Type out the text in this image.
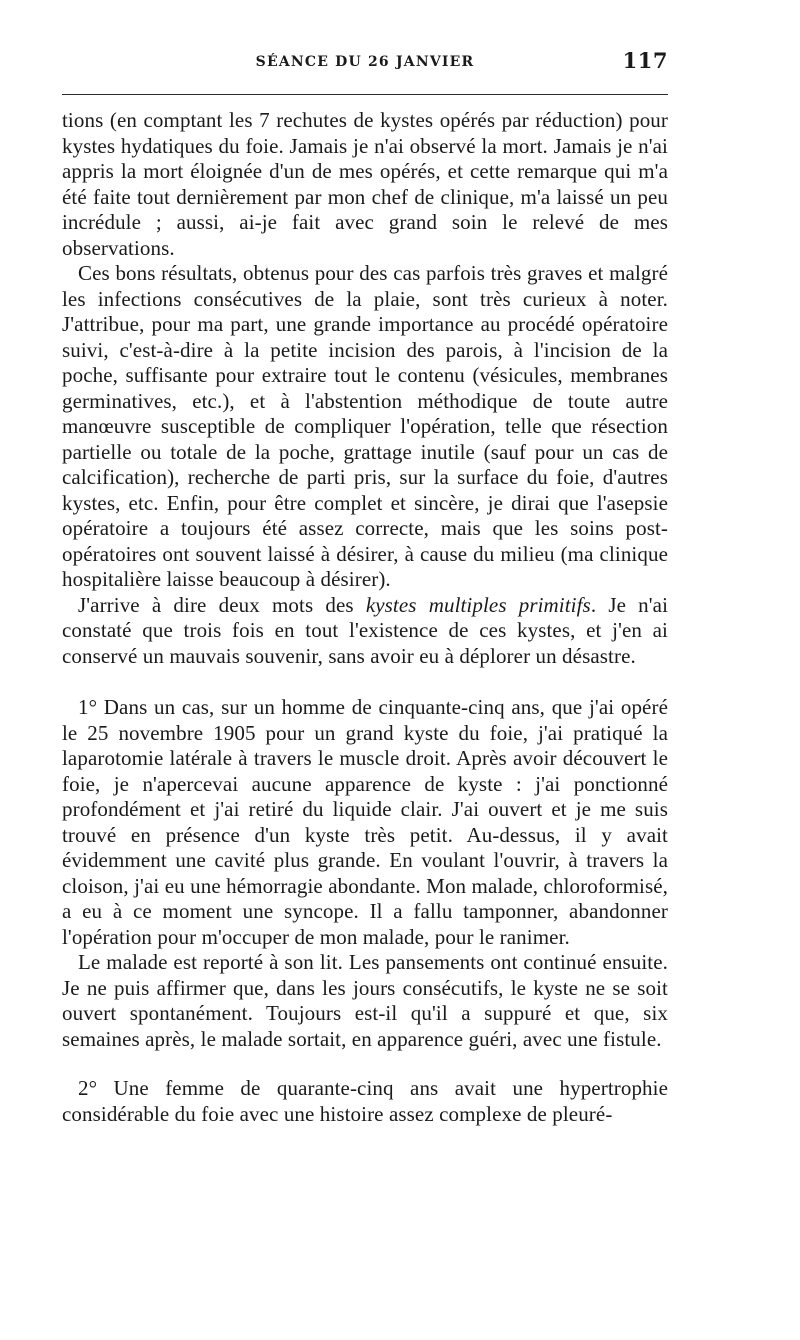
SÉANCE DU 26 JANVIER	117

tions (en comptant les 7 rechutes de kystes opérés par réduction) pour kystes hydatiques du foie. Jamais je n'ai observé la mort. Jamais je n'ai appris la mort éloignée d'un de mes opérés, et cette remarque qui m'a été faite tout dernièrement par mon chef de clinique, m'a laissé un peu incrédule ; aussi, ai-je fait avec grand soin le relevé de mes observations.

Ces bons résultats, obtenus pour des cas parfois très graves et malgré les infections consécutives de la plaie, sont très curieux à noter. J'attribue, pour ma part, une grande importance au procédé opératoire suivi, c'est-à-dire à la petite incision des parois, à l'incision de la poche, suffisante pour extraire tout le contenu (vésicules, membranes germinatives, etc.), et à l'abstention méthodique de toute autre manœuvre susceptible de compliquer l'opération, telle que résection partielle ou totale de la poche, grattage inutile (sauf pour un cas de calcification), recherche de parti pris, sur la surface du foie, d'autres kystes, etc. Enfin, pour être complet et sincère, je dirai que l'asepsie opératoire a toujours été assez correcte, mais que les soins post-opératoires ont souvent laissé à désirer, à cause du milieu (ma clinique hospitalière laisse beaucoup à désirer).

J'arrive à dire deux mots des kystes multiples primitifs. Je n'ai constaté que trois fois en tout l'existence de ces kystes, et j'en ai conservé un mauvais souvenir, sans avoir eu à déplorer un désastre.

1° Dans un cas, sur un homme de cinquante-cinq ans, que j'ai opéré le 25 novembre 1905 pour un grand kyste du foie, j'ai pratiqué la laparotomie latérale à travers le muscle droit. Après avoir découvert le foie, je n'apercevai aucune apparence de kyste : j'ai ponctionné profondément et j'ai retiré du liquide clair. J'ai ouvert et je me suis trouvé en présence d'un kyste très petit. Au-dessus, il y avait évidemment une cavité plus grande. En voulant l'ouvrir, à travers la cloison, j'ai eu une hémorragie abondante. Mon malade, chloroformisé, a eu à ce moment une syncope. Il a fallu tamponner, abandonner l'opération pour m'occuper de mon malade, pour le ranimer.

Le malade est reporté à son lit. Les pansements ont continué ensuite. Je ne puis affirmer que, dans les jours consécutifs, le kyste ne se soit ouvert spontanément. Toujours est-il qu'il a suppuré et que, six semaines après, le malade sortait, en apparence guéri, avec une fistule.

2° Une femme de quarante-cinq ans avait une hypertrophie considérable du foie avec une histoire assez complexe de pleuré-
